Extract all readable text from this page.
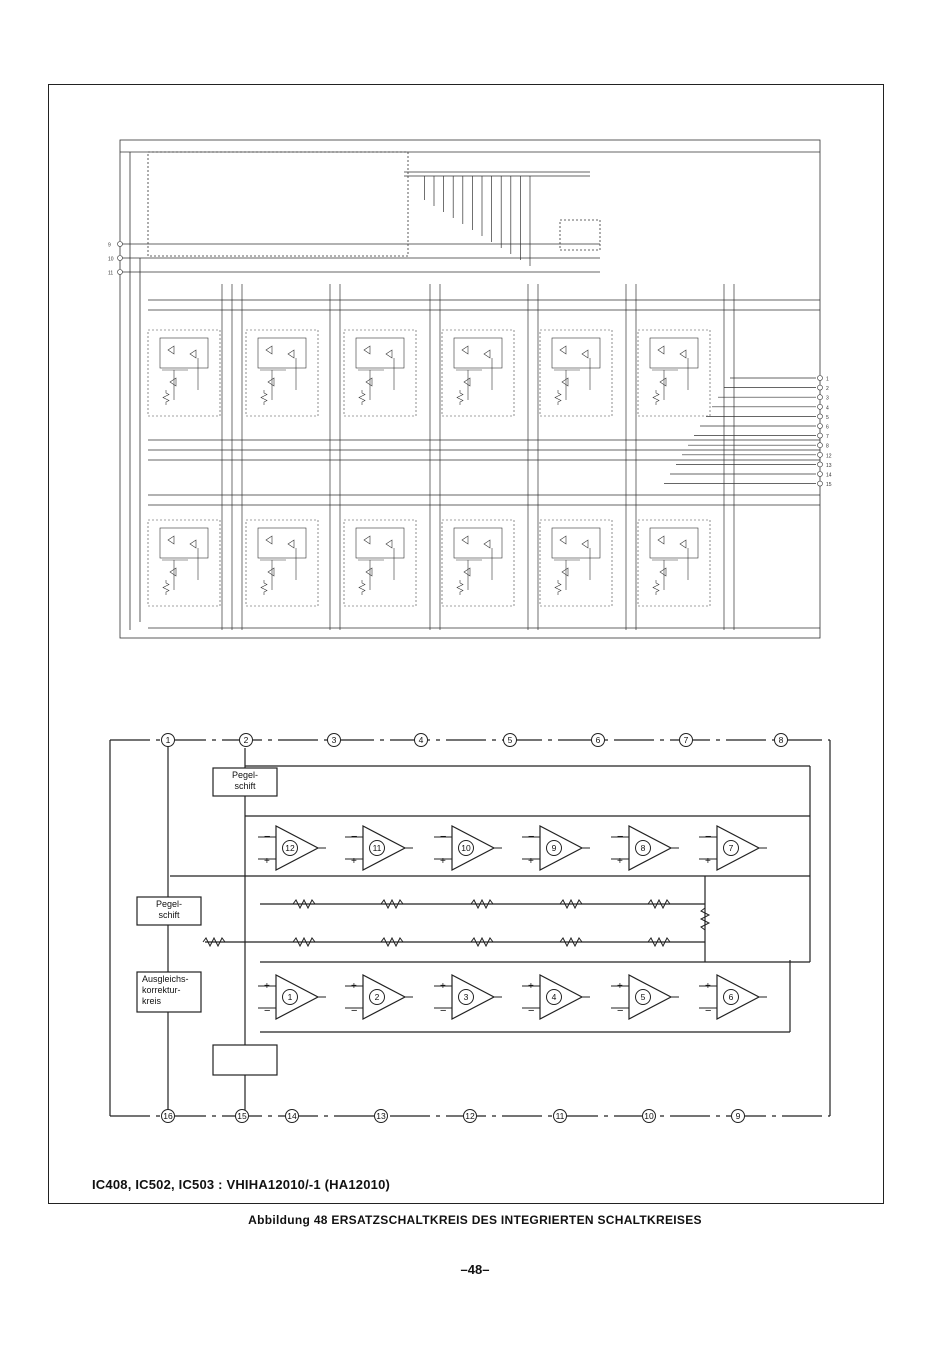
1
2
3
4
5
6
7
8
12
13
14
15
9
10
11
12
−
+
11
−
+
10
−
+
9
−
+
8
−
+
7
−
+
1
+
−
2
+
−
3
+
−
4
+
−
5
+
−
6
+
−
1	2	3	4	5	6	7	8
16	15	14	13	12	11	10	9
Pegel-
schift
Pegel-
schift
Ausgleichs-
korrektur-
kreis
IC408, IC502, IC503 : VHIHA12010/-1 (HA12010)
Abbildung 48 ERSATZSCHALTKREIS DES INTEGRIERTEN SCHALTKREISES
–48–
